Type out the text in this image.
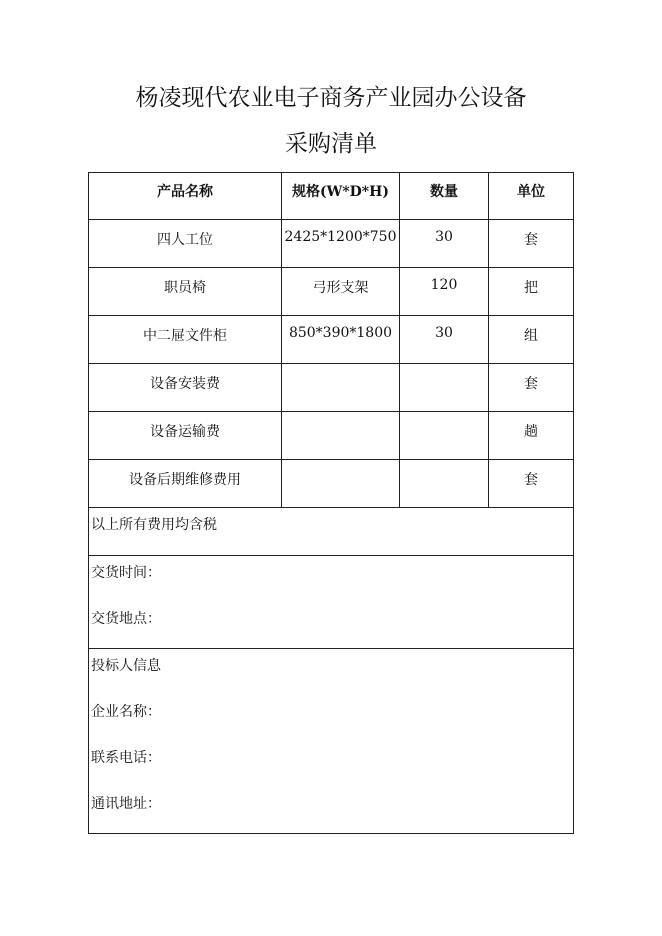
杨凌现代农业电子商务产业园办公设备
采购清单
产品名称	规格(W*D*H)	数量	单位
四人工位	2425*1200*750	30	套
职员椅	弓形支架	120	把
中二屉文件柜	850*390*1800	30	组
设备安装费			套
设备运输费			趟
设备后期维修费用			套

以上所有费用均含税			

交货时间：
交货地点：			

投标人信息
企业名称：
联系电话：
通讯地址：			
